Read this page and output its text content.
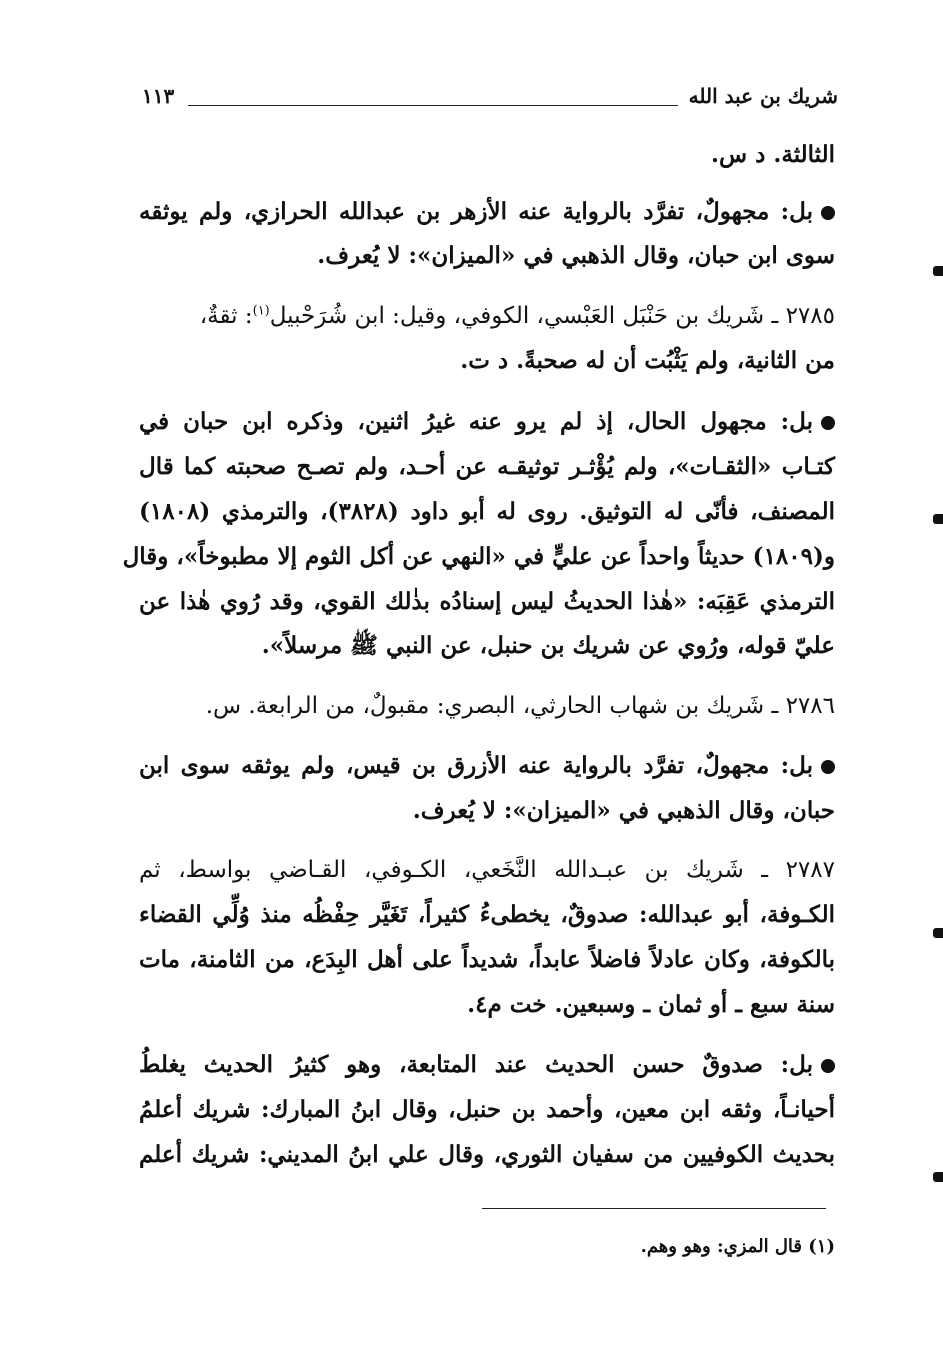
شريك بن عبد الله
١١٣
الثالثة. د س.
بل: مجهولٌ، تفرَّد بالرواية عنه الأزهر بن عبدالله الحرازي، ولم يوثقه
سوى ابن حبان، وقال الذهبي في «الميزان»: لا يُعرف.
٢٧٨٥ ـ شَريك بن حَنْبَل العَبْسي، الكوفي، وقيل: ابن شُرَحْبيل$^{(١)}$: ثقةٌ،
من الثانية، ولم يَثْبُت أن له صحبةً. د ت.
بل: مجهول الحال، إذ لم يرو عنه غيرُ اثنين، وذكره ابن حبان في
كتـاب «الثقـات»، ولم يُؤْثـر توثيقـه عن أحـد، ولم تصـح صحبته كما قال
المصنف، فأنّى له التوثيق. روى له أبو داود (٣٨٢٨)، والترمذي (١٨٠٨)
و(١٨٠٩) حديثاً واحداً عن عليٍّ في «النهي عن أكل الثوم إلا مطبوخاً»، وقال
الترمذي عَقِبَه: «هٰذا الحديثُ ليس إسنادُه بذٰلك القوي، وقد رُوي هٰذا عن
عليّ قوله، ورُوي عن شريك بن حنبل، عن النبي ﷺ مرسلاً».
٢٧٨٦ ـ شَريك بن شهاب الحارثي، البصري: مقبولٌ، من الرابعة. س.
بل: مجهولٌ، تفرَّد بالرواية عنه الأزرق بن قيس، ولم يوثقه سوى ابن
حبان، وقال الذهبي في «الميزان»: لا يُعرف.
٢٧٨٧ ـ شَريك بن عبـدالله النَّخَعي، الكـوفي، القـاضي بواسط، ثم
الكـوفة، أبو عبدالله: صدوقٌ، يخطىءُ كثيراً، تَغَيَّر حِفْظُه منذ وُلِّي القضاء
بالكوفة، وكان عادلاً فاضلاً عابداً، شديداً على أهل البِدَع، من الثامنة، مات
سنة سبع ـ أو ثمان ـ وسبعين. خت م٤.
بل: صدوقٌ حسن الحديث عند المتابعة، وهو كثيرُ الحديث يغلطُ
أحيانـاً، وثقه ابن معين، وأحمد بن حنبل، وقال ابنُ المبارك: شريك أعلمُ
بحديث الكوفيين من سفيان الثوري، وقال علي ابنُ المديني: شريك أعلم
(١) قال المزي: وهو وهم.
